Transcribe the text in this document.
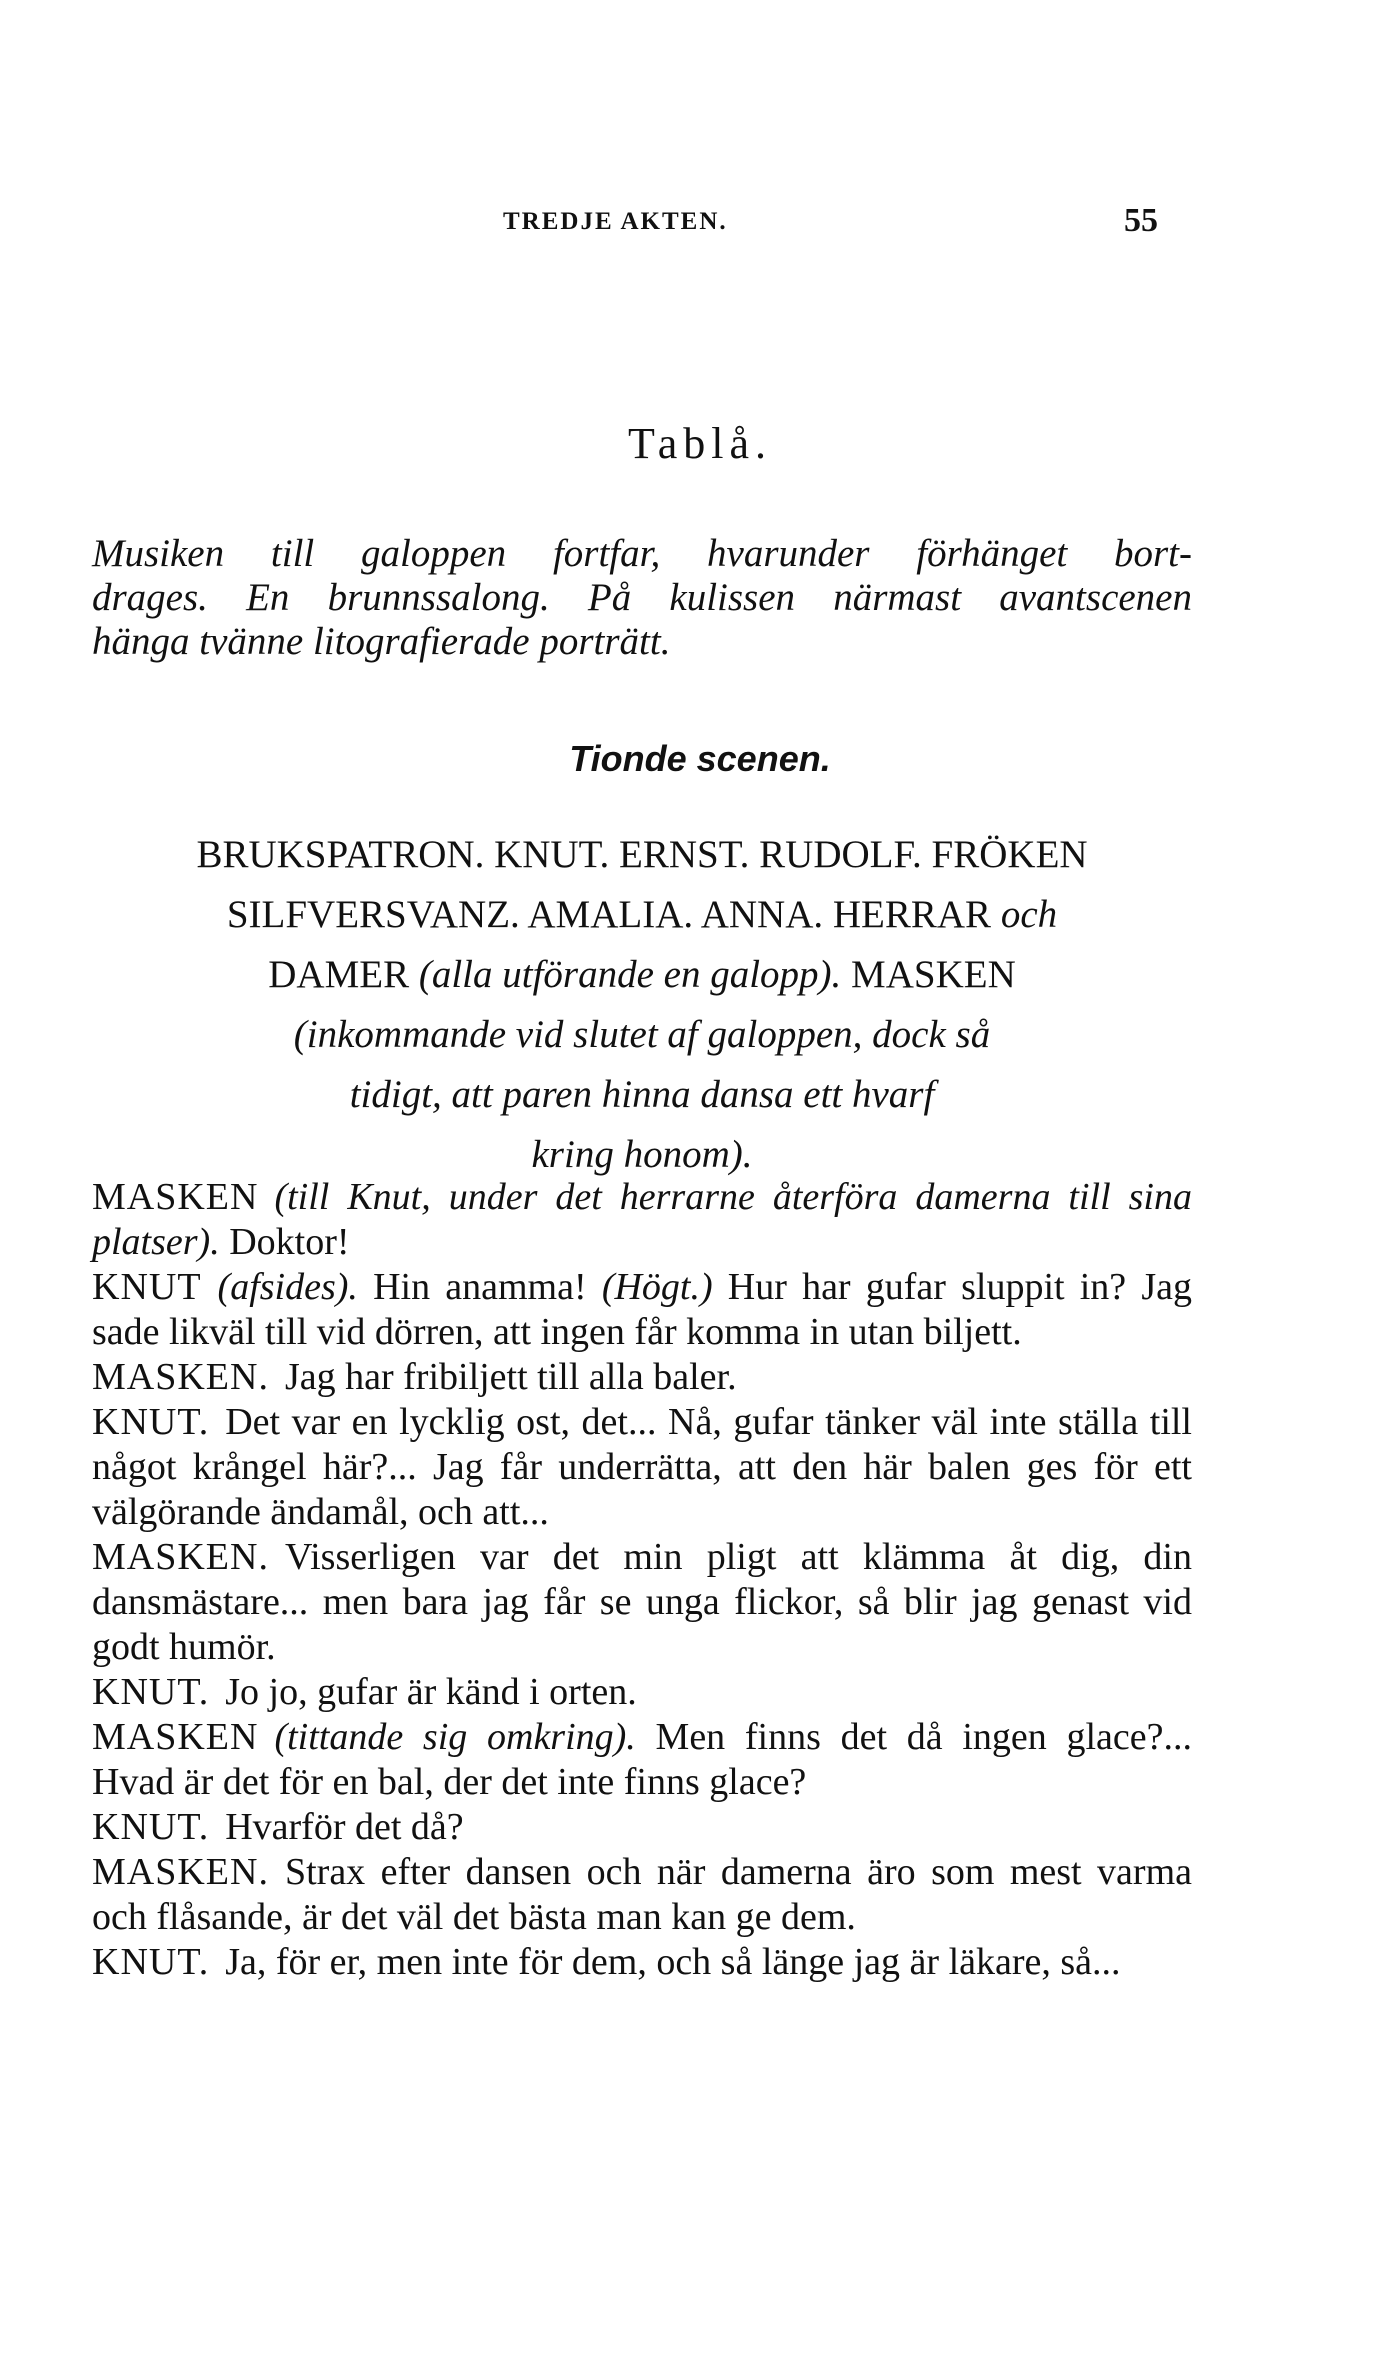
TREDJE AKTEN.	55
Tablå.
Musiken till galoppen fortfar, hvarunder förhänget bort-
drages. En brunnssalong. På kulissen närmast avantscenen
hänga tvänne litografierade porträtt.
Tionde scenen.
BRUKSPATRON. KNUT. ERNST. RUDOLF. FRÖKEN
SILFVERSVANZ. AMALIA. ANNA. HERRAR och
DAMER (alla utförande en galopp). MASKEN
(inkommande vid slutet af galoppen, dock så
tidigt, att paren hinna dansa ett hvarf
kring honom).

MASKEN (till Knut, under det herrarne återföra damerna till sina platser). Doktor!

KNUT (afsides). Hin anamma! (Högt.) Hur har gufar sluppit in? Jag sade likväl till vid dörren, att ingen får komma in utan biljett.

MASKEN. Jag har fribiljett till alla baler.

KNUT. Det var en lycklig ost, det... Nå, gufar tänker väl inte ställa till något krångel här?... Jag får underrätta, att den här balen ges för ett välgörande ändamål, och att...

MASKEN. Visserligen var det min pligt att klämma åt dig, din dansmästare... men bara jag får se unga flickor, så blir jag genast vid godt humör.

KNUT. Jo jo, gufar är känd i orten.

MASKEN (tittande sig omkring). Men finns det då ingen glace?... Hvad är det för en bal, der det inte finns glace?

KNUT. Hvarför det då?

MASKEN. Strax efter dansen och när damerna äro som mest varma och flåsande, är det väl det bästa man kan ge dem.

KNUT. Ja, för er, men inte för dem, och så länge jag är läkare, så...
